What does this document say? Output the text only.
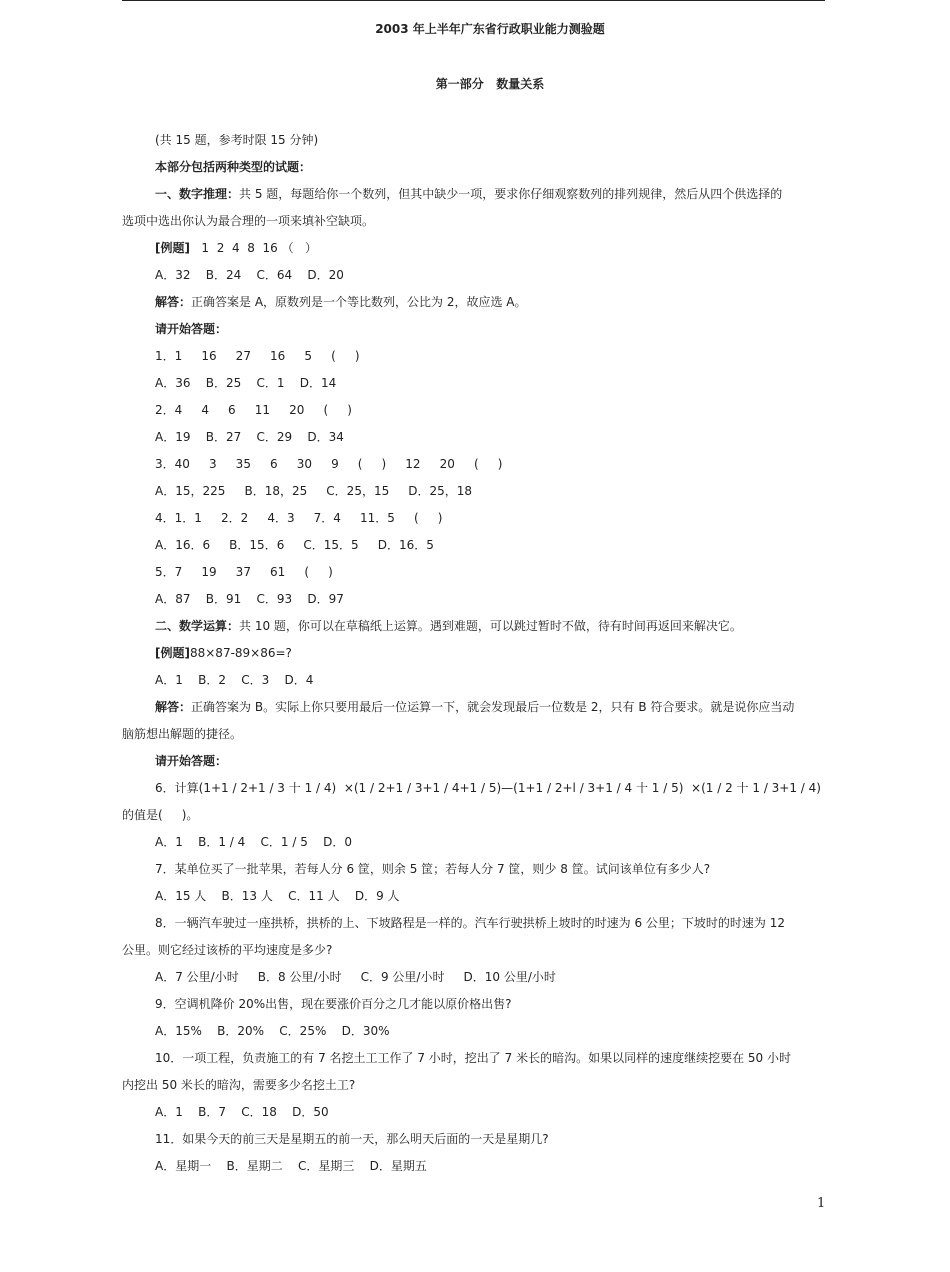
2003 年上半年广东省行政职业能力测验题
第一部分   数量关系

(共 15 题，参考时限 15 分钟)

本部分包括两种类型的试题：

一、数字推理：共 5 题，每题给你一个数列，但其中缺少一项，要求你仔细观察数列的排列规律，然后从四个供选择的

选项中选出你认为最合理的一项来填补空缺项。

[例题]   1  2  4  8  16 （   ）

A．32    B．24    C．64    D．20

解答：正确答案是 A，原数列是一个等比数列，公比为 2，故应选 A。

请开始答题：

1．1     16     27     16     5     (     )

A．36    B．25    C．1    D．14

2．4     4     6     11     20     (     )

A．19    B．27    C．29    D．34

3．40     3     35     6     30     9     (     )     12     20     (     )

A．15，225     B．18，25     C．25，15     D．25，18

4．1．1     2．2     4．3     7．4     11．5     (     )

A．16．6     B．15．6     C．15．5     D．16．5

5．7     19     37     61     (     )

A．87    B．91    C．93    D．97

二、数学运算：共 10 题，你可以在草稿纸上运算。遇到难题，可以跳过暂时不做，待有时间再返回来解决它。

[例题]88×87-89×86=?

A．1    B．2    C．3    D．4

解答：正确答案为 B。实际上你只要用最后一位运算一下，就会发现最后一位数是 2，只有 B 符合要求。就是说你应当动

脑筋想出解题的捷径。

请开始答题：

6．计算(1+1 / 2+1 / 3 十 1 / 4)  ×(1 / 2+1 / 3+1 / 4+1 / 5)—(1+1 / 2+l / 3+1 / 4 十 1 / 5)  ×(1 / 2 十 1 / 3+1 / 4)

的值是(     )。

A．1    B．1 / 4    C．1 / 5    D．0

7．某单位买了一批苹果，若每人分 6 筐，则余 5 筐；若每人分 7 筐，则少 8 筐。试问该单位有多少人?

A．15 人    B．13 人    C．11 人    D．9 人

8．一辆汽车驶过一座拱桥，拱桥的上、下坡路程是一样的。汽车行驶拱桥上坡时的时速为 6 公里；下坡时的时速为 12

公里。则它经过该桥的平均速度是多少?

A．7 公里/小时     B．8 公里/小时     C．9 公里/小时     D．10 公里/小时

9．空调机降价 20%出售，现在要涨价百分之几才能以原价格出售?

A．15%    B．20%    C．25%    D．30%

10．一项工程，负责施工的有 7 名挖土工工作了 7 小时，挖出了 7 米长的暗沟。如果以同样的速度继续挖要在 50 小时

内挖出 50 米长的暗沟，需要多少名挖土工?

A．1    B．7    C．18    D．50

11．如果今天的前三天是星期五的前一天，那么明天后面的一天是星期几?

A．星期一    B．星期二    C．星期三    D．星期五

1
